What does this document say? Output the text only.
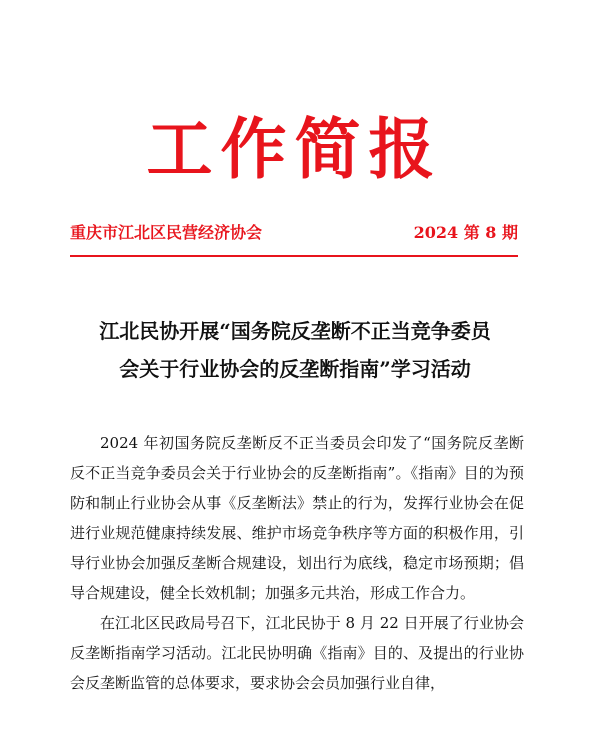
工作简报
重庆市江北区民营经济协会	2024 第 8 期
江北民协开展“国务院反垄断不正当竞争委员
会关于行业协会的反垄断指南”学习活动

2024 年初国务院反垄断反不正当委员会印发了“国务院反垄断反不正当竞争委员会关于行业协会的反垄断指南”。《指南》目的为预防和制止行业协会从事《反垄断法》禁止的行为，发挥行业协会在促进行业规范健康持续发展、维护市场竞争秩序等方面的积极作用，引导行业协会加强反垄断合规建设，划出行为底线，稳定市场预期；倡导合规建设，健全长效机制；加强多元共治，形成工作合力。

在江北区民政局号召下，江北民协于 8 月 22 日开展了行业协会反垄断指南学习活动。江北民协明确《指南》目的、及提出的行业协会反垄断监管的总体要求，要求协会会员加强行业自律，
